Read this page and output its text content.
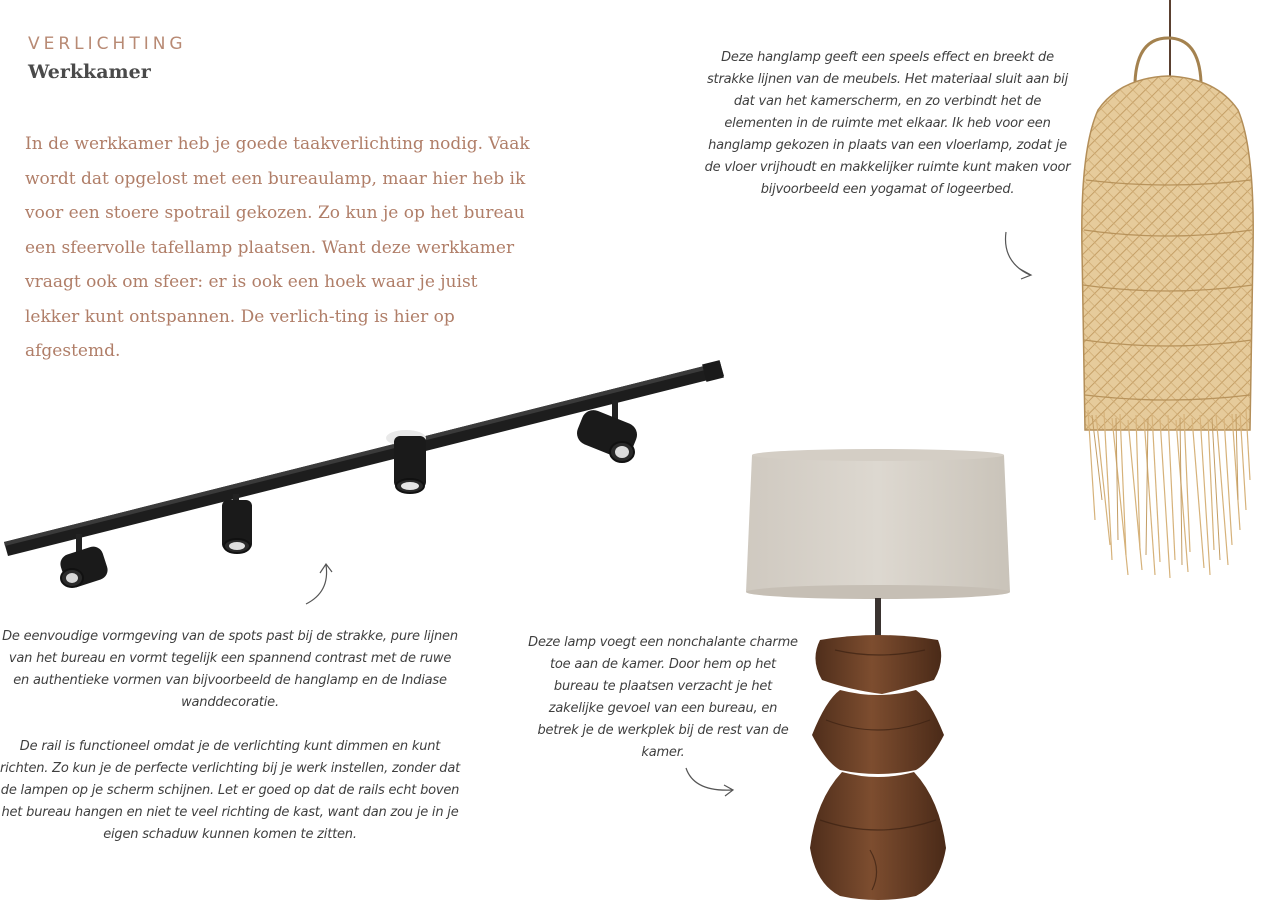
VERLICHTING
Werkkamer

In de werkkamer heb je goede taakverlichting nodig. Vaak wordt dat opgelost met een bureaulamp, maar hier heb ik voor een stoere spotrail gekozen. Zo kun je op het bureau een sfeervolle tafellamp plaatsen. Want deze werkkamer vraagt ook om sfeer: er is ook een hoek waar je juist lekker kunt ontspannen. De verlich-ting is hier op afgestemd.

Deze hanglamp geeft een speels effect en breekt de strakke lijnen van de meubels. Het materiaal sluit aan bij dat van het kamerscherm, en zo verbindt het de elementen in de ruimte met elkaar. Ik heb voor een hanglamp gekozen in plaats van een vloerlamp, zodat je de vloer vrijhoudt en makkelijker ruimte kunt maken voor bijvoorbeeld een yogamat of logeerbed.

De eenvoudige vormgeving van de spots past bij de strakke, pure lijnen van het bureau en vormt tegelijk een spannend contrast met de ruwe en authentieke vormen van bijvoorbeeld de hanglamp en de Indiase wanddecoratie.

De rail is functioneel omdat je de verlichting kunt dimmen en kunt richten. Zo kun je de perfecte verlichting bij je werk instellen, zonder dat de lampen op je scherm schijnen. Let er goed op dat de rails echt boven het bureau hangen en niet te veel richting de kast, want dan zou je in je eigen schaduw kunnen komen te zitten.

Deze lamp voegt een nonchalante charme toe aan de kamer. Door hem op het bureau te plaatsen verzacht je het zakelijke gevoel van een bureau, en betrek je de werkplek bij de rest van de kamer.
